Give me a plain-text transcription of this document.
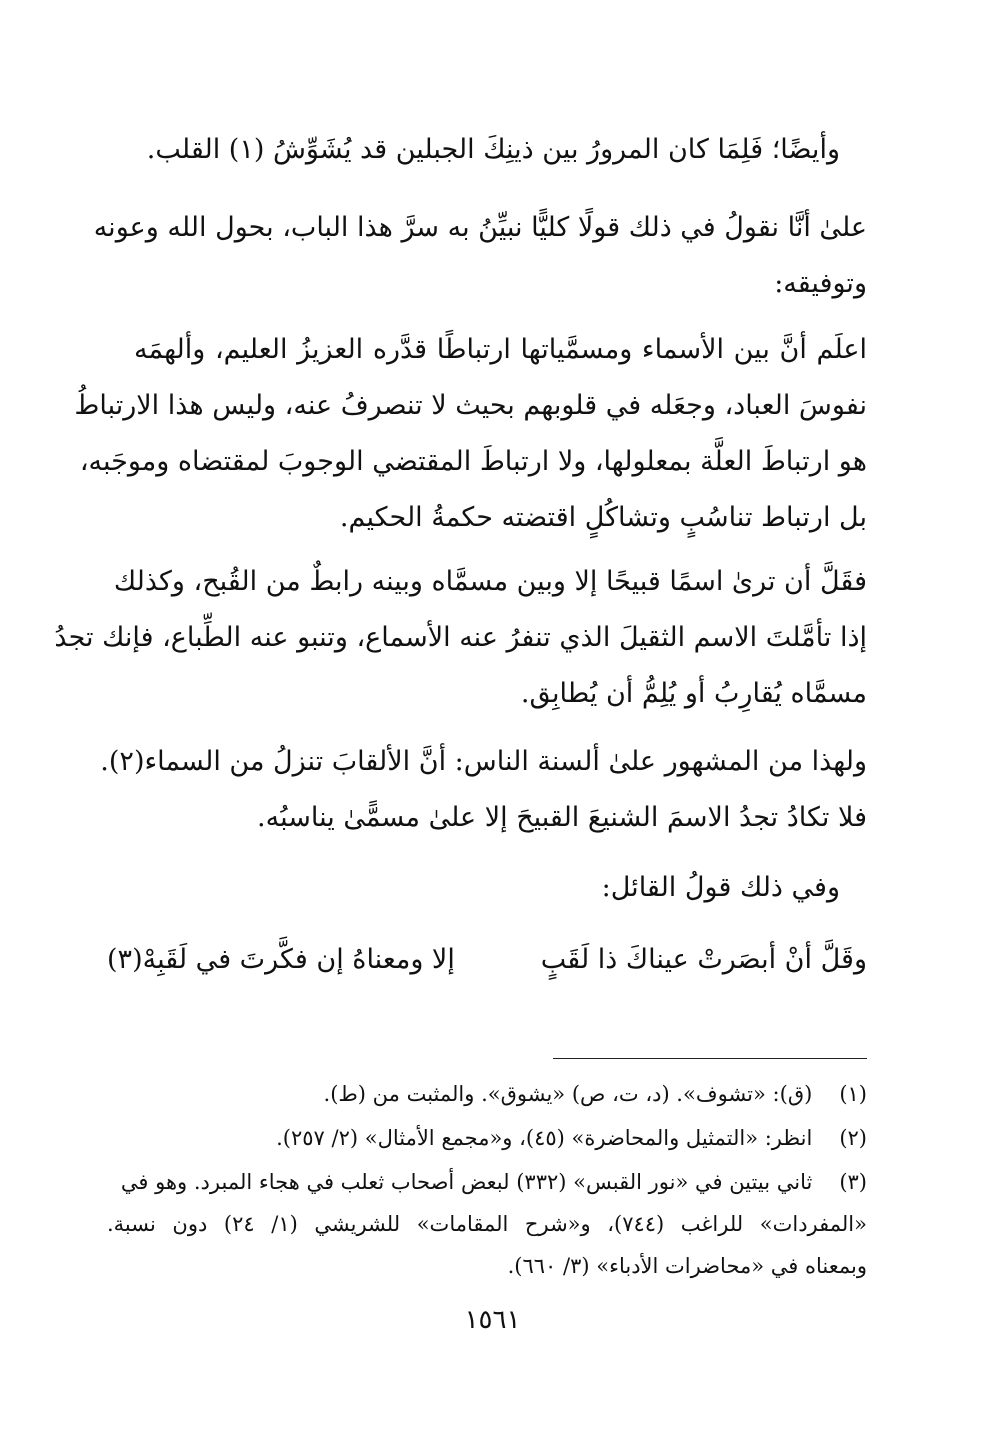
وأيضًا؛ فَلِمَا كان المرورُ بين ذينِكَ الجبلين قد يُشَوِّشُ (١) القلب.
علىٰ أنَّا نقولُ في ذلك قولًا كليًّا نبيِّنُ به سرَّ هذا الباب، بحول الله وعونه
وتوفيقه:
اعلَم أنَّ بين الأسماء ومسمَّياتها ارتباطًا قدَّره العزيزُ العليم، وألهمَه
نفوسَ العباد، وجعَله في قلوبهم بحيث لا تنصرفُ عنه، وليس هذا الارتباطُ
هو ارتباطَ العلَّة بمعلولها، ولا ارتباطَ المقتضي الوجوبَ لمقتضاه وموجَبه،
بل ارتباط تناسُبٍ وتشاكُلٍ اقتضته حكمةُ الحكيم.
فقَلَّ أن ترىٰ اسمًا قبيحًا إلا وبين مسمَّاه وبينه رابطٌ من القُبح، وكذلك
إذا تأمَّلتَ الاسم الثقيلَ الذي تنفرُ عنه الأسماع، وتنبو عنه الطِّباع، فإنك تجدُ
مسمَّاه يُقارِبُ أو يُلِمُّ أن يُطابِق.
ولهذا من المشهور علىٰ ألسنة الناس: أنَّ الألقابَ تنزلُ من السماء(٢).
فلا تكادُ تجدُ الاسمَ الشنيعَ القبيحَ إلا علىٰ مسمًّىٰ يناسبُه.
وفي ذلك قولُ القائل:
وقَلَّ أنْ أبصَرتْ عيناكَ ذا لَقَبٍ
إلا ومعناهُ إن فكَّرتَ في لَقَبِهْ(٣)
(١) (ق): «تشوف». (د، ت، ص) «يشوق». والمثبت من (ط).
(٢) انظر: «التمثيل والمحاضرة» (٤٥)، و«مجمع الأمثال» (٢/ ٢٥٧).
(٣) ثاني بيتين في «نور القبس» (٣٣٢) لبعض أصحاب ثعلب في هجاء المبرد. وهو في
«المفردات» للراغب (٧٤٤)، و«شرح المقامات» للشريشي (١/ ٢٤) دون نسبة.
وبمعناه في «محاضرات الأدباء» (٣/ ٦٦٠).
١٥٦١
